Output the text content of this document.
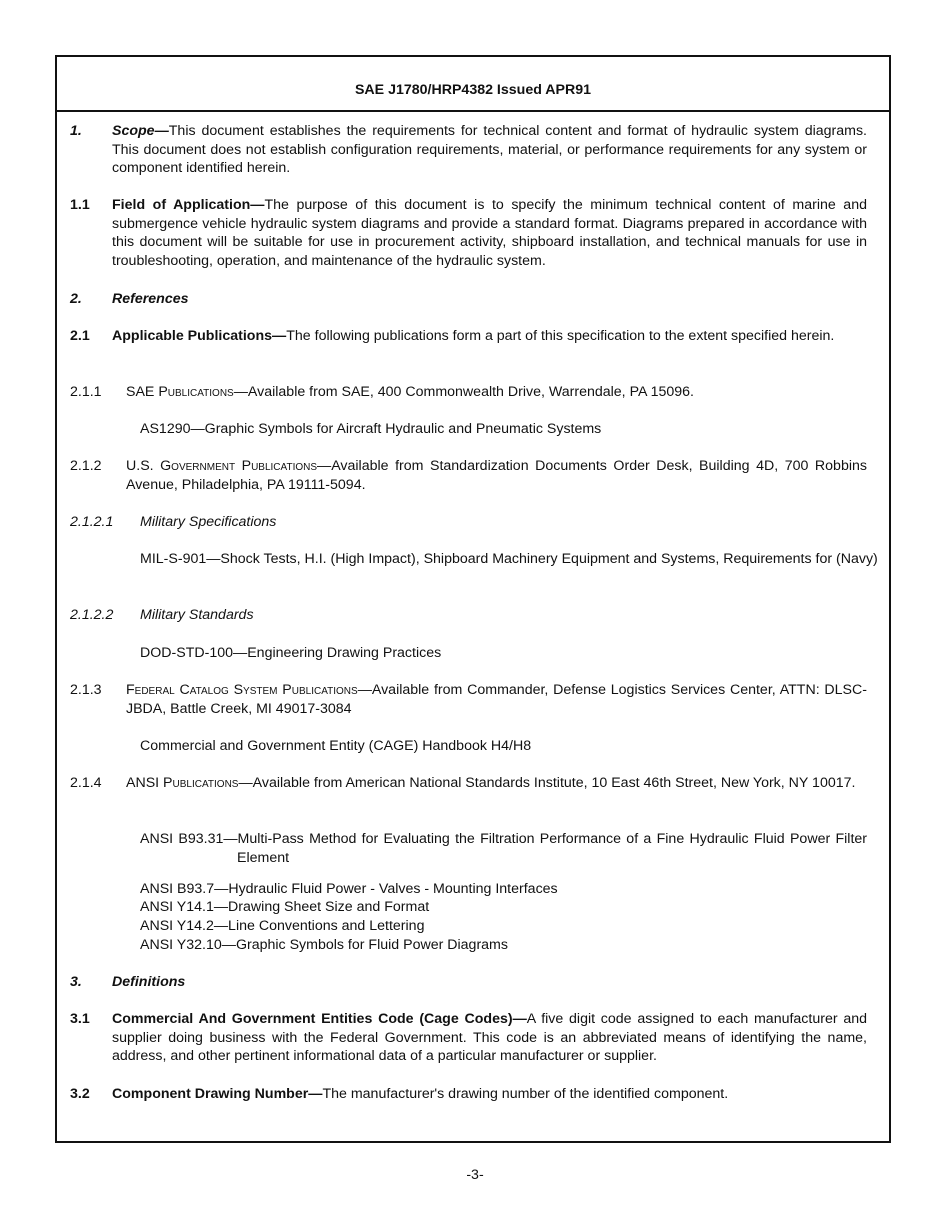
SAE J1780/HRP4382 Issued APR91
1. Scope—This document establishes the requirements for technical content and format of hydraulic system diagrams. This document does not establish configuration requirements, material, or performance requirements for any system or component identified herein.
1.1 Field of Application—The purpose of this document is to specify the minimum technical content of marine and submergence vehicle hydraulic system diagrams and provide a standard format. Diagrams prepared in accordance with this document will be suitable for use in procurement activity, shipboard installation, and technical manuals for use in troubleshooting, operation, and maintenance of the hydraulic system.
2. References
2.1 Applicable Publications—The following publications form a part of this specification to the extent specified herein.
2.1.1 SAE Publications—Available from SAE, 400 Commonwealth Drive, Warrendale, PA 15096.
AS1290—Graphic Symbols for Aircraft Hydraulic and Pneumatic Systems
2.1.2 U.S. Government Publications—Available from Standardization Documents Order Desk, Building 4D, 700 Robbins Avenue, Philadelphia, PA 19111-5094.
2.1.2.1 Military Specifications
MIL-S-901—Shock Tests, H.I. (High Impact), Shipboard Machinery Equipment and Systems, Requirements for (Navy)
2.1.2.2 Military Standards
DOD-STD-100—Engineering Drawing Practices
2.1.3 Federal Catalog System Publications—Available from Commander, Defense Logistics Services Center, ATTN: DLSC-JBDA, Battle Creek, MI 49017-3084
Commercial and Government Entity (CAGE) Handbook H4/H8
2.1.4 ANSI Publications—Available from American National Standards Institute, 10 East 46th Street, New York, NY 10017.
ANSI B93.31—Multi-Pass Method for Evaluating the Filtration Performance of a Fine Hydraulic Fluid Power Filter Element
ANSI B93.7—Hydraulic Fluid Power - Valves - Mounting Interfaces
ANSI Y14.1—Drawing Sheet Size and Format
ANSI Y14.2—Line Conventions and Lettering
ANSI Y32.10—Graphic Symbols for Fluid Power Diagrams
3. Definitions
3.1 Commercial And Government Entities Code (Cage Codes)—A five digit code assigned to each manufacturer and supplier doing business with the Federal Government. This code is an abbreviated means of identifying the name, address, and other pertinent informational data of a particular manufacturer or supplier.
3.2 Component Drawing Number—The manufacturer's drawing number of the identified component.
-3-
